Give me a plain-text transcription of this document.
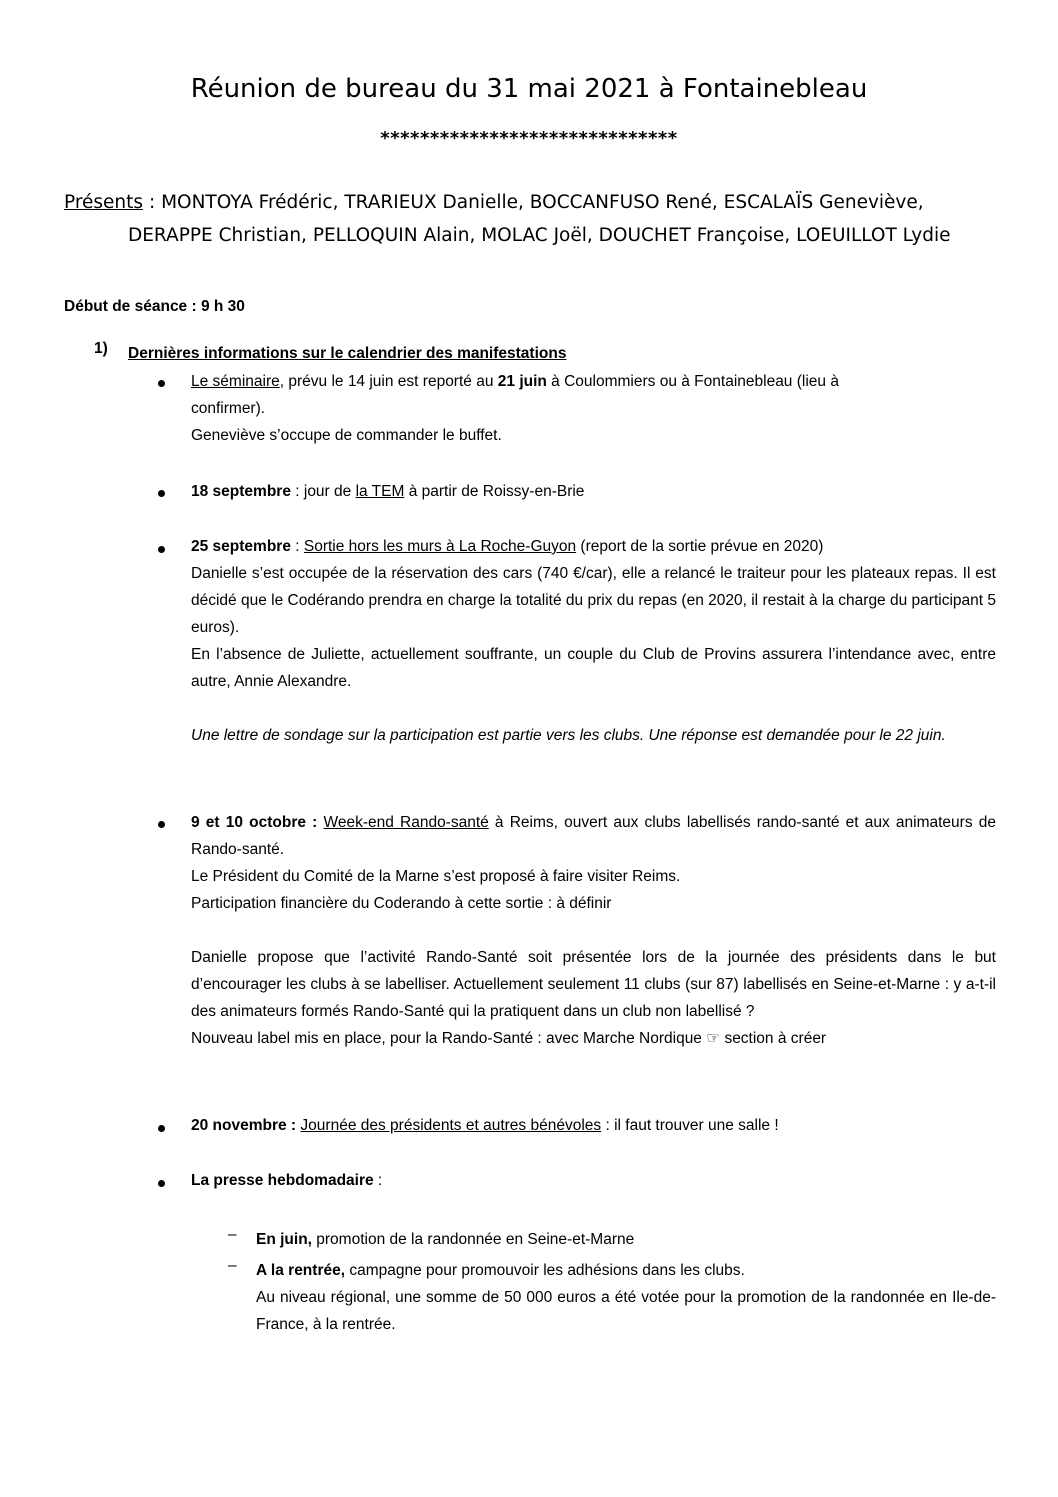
Réunion de bureau du 31 mai 2021 à Fontainebleau
******************************
Présents : MONTOYA Frédéric, TRARIEUX Danielle, BOCCANFUSO René, ESCALAÏS Geneviève,
DERAPPE Christian, PELLOQUIN Alain, MOLAC Joël, DOUCHET Françoise, LOEUILLOT Lydie
Début de séance : 9 h 30
1) Dernières informations sur le calendrier des manifestations
Le séminaire, prévu le 14 juin est reporté au 21 juin à Coulommiers ou à Fontainebleau (lieu à
confirmer).
Geneviève s’occupe de commander le buffet.
18 septembre : jour de la TEM à partir de Roissy-en-Brie
25 septembre : Sortie hors les murs à La Roche-Guyon (report de la sortie prévue en 2020)
Danielle s’est occupée de la réservation des cars (740 €/car), elle a relancé le traiteur pour les plateaux repas. Il est décidé que le Codérando prendra en charge la totalité du prix du repas (en 2020, il restait à la charge du participant 5 euros).
En l’absence de Juliette, actuellement souffrante, un couple du Club de Provins assurera l’intendance avec, entre autre, Annie Alexandre.
Une lettre de sondage sur la participation est partie vers les clubs. Une réponse est demandée pour le 22 juin.
9 et 10 octobre : Week-end Rando-santé à Reims, ouvert aux clubs labellisés rando-santé et aux animateurs de Rando-santé.
Le Président du Comité de la Marne s’est proposé à faire visiter Reims.
Participation financière du Coderando à cette sortie : à définir
Danielle propose que l’activité Rando-Santé soit présentée lors de la journée des présidents dans le but d’encourager les clubs à se labelliser. Actuellement seulement 11 clubs (sur 87) labellisés en Seine-et-Marne : y a-t-il des animateurs formés Rando-Santé qui la pratiquent dans un club non labellisé ?
Nouveau label mis en place, pour la Rando-Santé : avec Marche Nordique ☞ section à créer
20 novembre : Journée des présidents et autres bénévoles : il faut trouver une salle !
La presse hebdomadaire :
– En juin, promotion de la randonnée en Seine-et-Marne
– A la rentrée, campagne pour promouvoir les adhésions dans les clubs.
Au niveau régional, une somme de 50 000 euros a été votée pour la promotion de la randonnée en Ile-de-France, à la rentrée.
